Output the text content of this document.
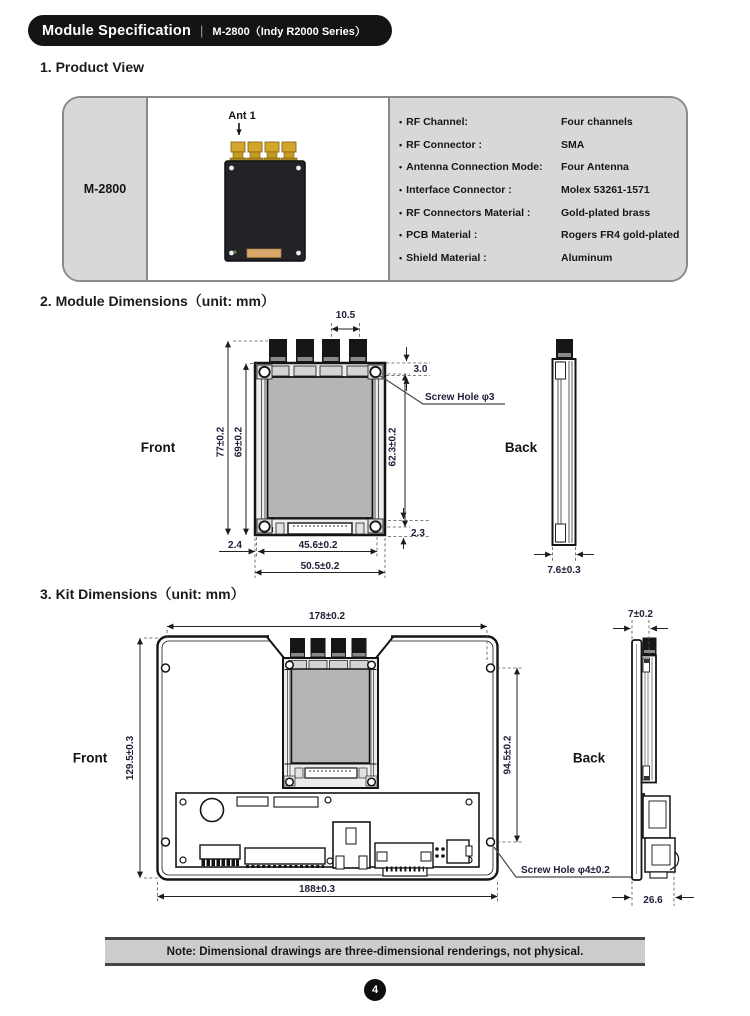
Module Specification | M-2800（Indy R2000 Series）
1. Product View
M-2800
• RF Channel:	Four channels
• RF Connector :	SMA
• Antenna Connection Mode:	Four Antenna
• Interface Connector :	Molex 53261-1571
• RF Connectors Material :	Gold-plated brass
• PCB Material :	Rogers FR4 gold-plated
• Shield Material :	Aluminum
Ant 1
2. Module Dimensions（unit: mm）
10.5
77±0.2 69±0.2	62.3±0.2
3.0
Screw Hole φ3
2.3
2.4	45.6±0.2
50.5±0.2
Front
7.6±0.3
Back
3. Kit Dimensions（unit: mm）
178±0.2
129.5±0.3	94.5±0.2
188±0.3
Screw Hole φ4±0.2
Front
7±0.2
26.6
Back
Note: Dimensional drawings are three-dimensional renderings, not physical.
4
